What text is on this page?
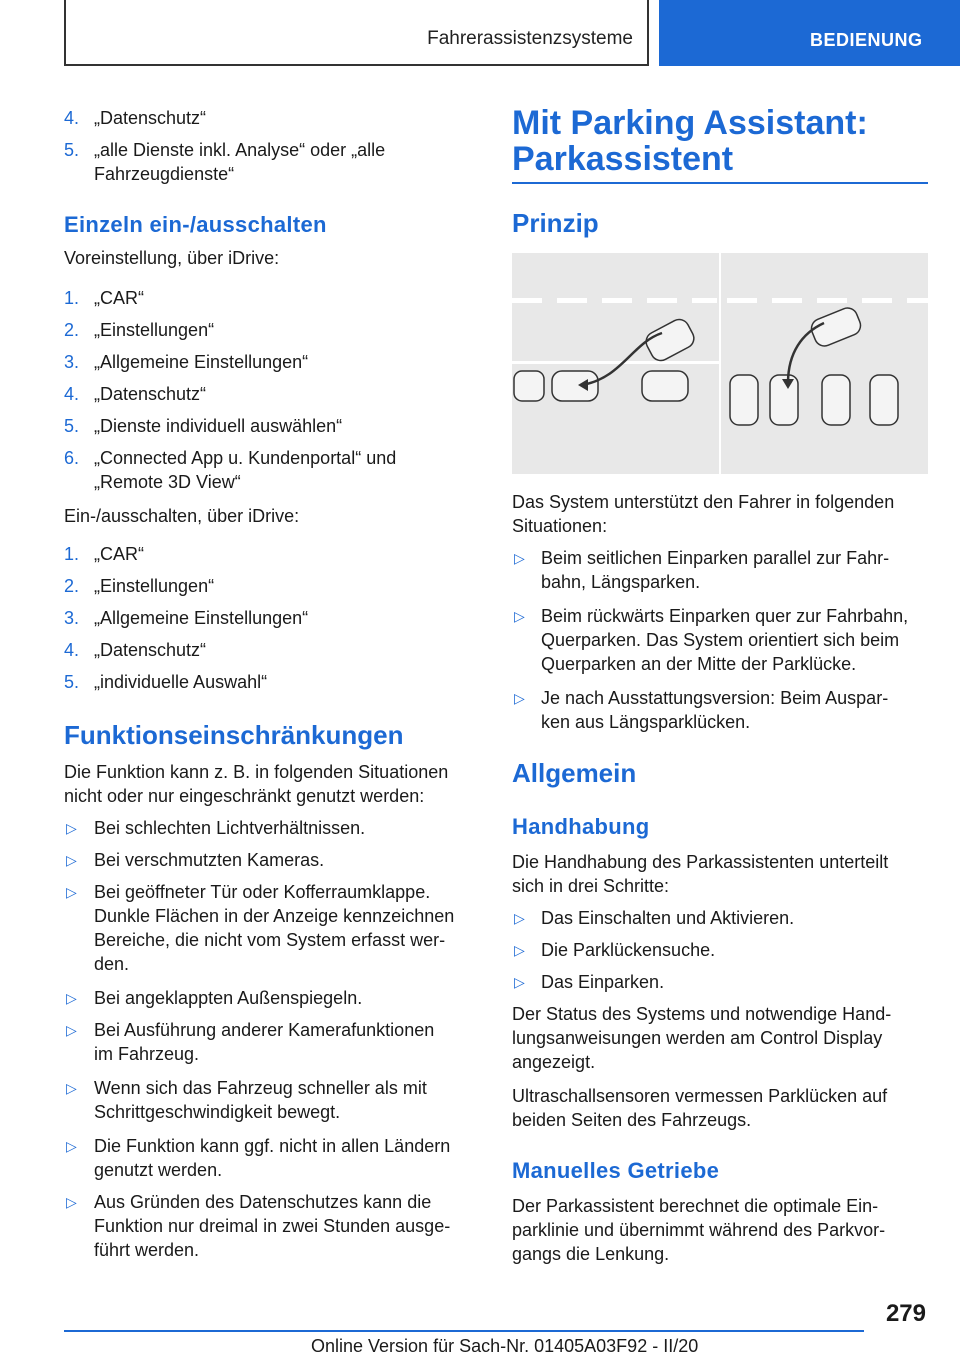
Fahrerassistenzsysteme	BEDIENUNG
4. „Datenschutz“
5. „alle Dienste inkl. Analyse“ oder „alle
Fahrzeugdienste“
Einzeln ein-/ausschalten
Voreinstellung, über iDrive:
1. „CAR“
2. „Einstellungen“
3. „Allgemeine Einstellungen“
4. „Datenschutz“
5. „Dienste individuell auswählen“
6. „Connected App u. Kundenportal“ und
„Remote 3D View“
Ein-/ausschalten, über iDrive:
1. „CAR“
2. „Einstellungen“
3. „Allgemeine Einstellungen“
4. „Datenschutz“
5. „individuelle Auswahl“
Funktionseinschränkungen
Die Funktion kann z. B. in folgenden Situationen
nicht oder nur eingeschränkt genutzt werden:
▷ Bei schlechten Lichtverhältnissen.
▷ Bei verschmutzten Kameras.
▷ Bei geöffneter Tür oder Kofferraumklappe.
Dunkle Flächen in der Anzeige kennzeichnen
Bereiche, die nicht vom System erfasst wer-
den.
▷ Bei angeklappten Außenspiegeln.
▷ Bei Ausführung anderer Kamerafunktionen
im Fahrzeug.
▷ Wenn sich das Fahrzeug schneller als mit
Schrittgeschwindigkeit bewegt.
▷ Die Funktion kann ggf. nicht in allen Ländern
genutzt werden.
▷ Aus Gründen des Datenschutzes kann die
Funktion nur dreimal in zwei Stunden ausge-
führt werden.
Mit Parking Assistant:
Parkassistent
Prinzip
Das System unterstützt den Fahrer in folgenden
Situationen:
▷ Beim seitlichen Einparken parallel zur Fahr-
bahn, Längsparken.
▷ Beim rückwärts Einparken quer zur Fahrbahn,
Querparken. Das System orientiert sich beim
Querparken an der Mitte der Parklücke.
▷ Je nach Ausstattungsversion: Beim Auspar-
ken aus Längsparklücken.
Allgemein
Handhabung
Die Handhabung des Parkassistenten unterteilt
sich in drei Schritte:
▷ Das Einschalten und Aktivieren.
▷ Die Parklückensuche.
▷ Das Einparken.
Der Status des Systems und notwendige Hand-
lungsanweisungen werden am Control Display
angezeigt.
Ultraschallsensoren vermessen Parklücken auf
beiden Seiten des Fahrzeugs.
Manuelles Getriebe
Der Parkassistent berechnet die optimale Ein-
parklinie und übernimmt während des Parkvor-
gangs die Lenkung.
279
Online Version für Sach-Nr. 01405A03F92 - II/20
